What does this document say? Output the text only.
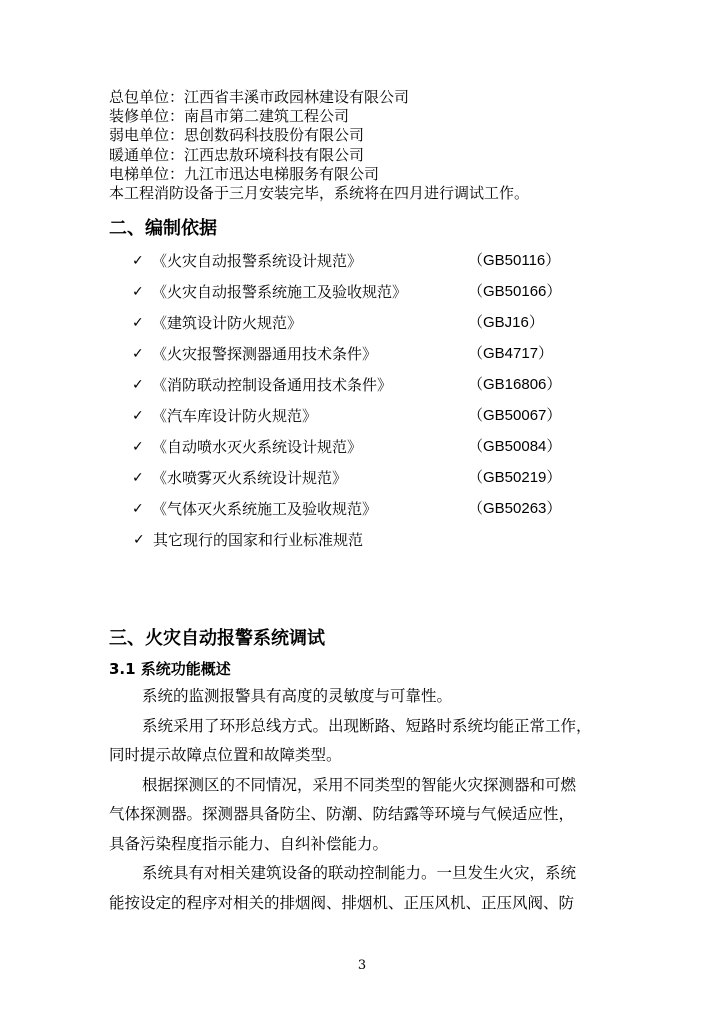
总包单位：江西省丰溪市政园林建设有限公司
装修单位：南昌市第二建筑工程公司
弱电单位：思创数码科技股份有限公司
暖通单位：江西忠敖环境科技有限公司
电梯单位：九江市迅达电梯服务有限公司
本工程消防设备于三月安装完毕，系统将在四月进行调试工作。
二、编制依据
✓ 《火灾自动报警系统设计规范》	（GB50116）
✓ 《火灾自动报警系统施工及验收规范》	（GB50166）
✓ 《建筑设计防火规范》	（GBJ16）
✓ 《火灾报警探测器通用技术条件》	（GB4717）
✓ 《消防联动控制设备通用技术条件》	（GB16806）
✓ 《汽车库设计防火规范》	（GB50067）
✓ 《自动喷水灭火系统设计规范》	（GB50084）
✓ 《水喷雾灭火系统设计规范》	（GB50219）
✓ 《气体灭火系统施工及验收规范》	（GB50263）
✓ 其它现行的国家和行业标准规范
三、火灾自动报警系统调试
3.1 系统功能概述
系统的监测报警具有高度的灵敏度与可靠性。
系统采用了环形总线方式。出现断路、短路时系统均能正常工作，
同时提示故障点位置和故障类型。
根据探测区的不同情况，采用不同类型的智能火灾探测器和可燃
气体探测器。探测器具备防尘、防潮、防结露等环境与气候适应性，
具备污染程度指示能力、自纠补偿能力。
系统具有对相关建筑设备的联动控制能力。一旦发生火灾，系统
能按设定的程序对相关的排烟阀、排烟机、正压风机、正压风阀、防
3
